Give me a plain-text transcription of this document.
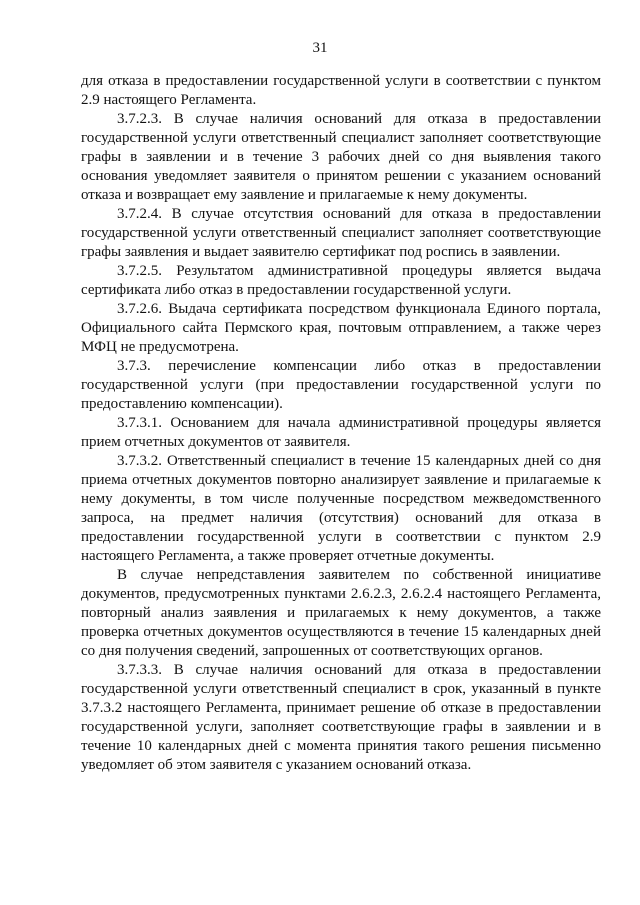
31

для отказа в предоставлении государственной услуги в соответствии с пунктом 2.9 настоящего Регламента.

3.7.2.3. В случае наличия оснований для отказа в предоставлении государственной услуги ответственный специалист заполняет соответствующие графы в заявлении и в течение 3 рабочих дней со дня выявления такого основания уведомляет заявителя о принятом решении с указанием оснований отказа и возвращает ему заявление и прилагаемые к нему документы.

3.7.2.4. В случае отсутствия оснований для отказа в предоставлении государственной услуги ответственный специалист заполняет соответствующие графы заявления и выдает заявителю сертификат под роспись в заявлении.

3.7.2.5. Результатом административной процедуры является выдача сертификата либо отказ в предоставлении государственной услуги.

3.7.2.6. Выдача сертификата посредством функционала Единого портала, Официального сайта Пермского края, почтовым отправлением, а также через МФЦ не предусмотрена.

3.7.3. перечисление компенсации либо отказ в предоставлении государственной услуги (при предоставлении государственной услуги по предоставлению компенсации).

3.7.3.1. Основанием для начала административной процедуры является прием отчетных документов от заявителя.

3.7.3.2. Ответственный специалист в течение 15 календарных дней со дня приема отчетных документов повторно анализирует заявление и прилагаемые к нему документы, в том числе полученные посредством межведомственного запроса, на предмет наличия (отсутствия) оснований для отказа в предоставлении государственной услуги в соответствии с пунктом 2.9 настоящего Регламента, а также проверяет отчетные документы.

В случае непредставления заявителем по собственной инициативе документов, предусмотренных пунктами 2.6.2.3, 2.6.2.4 настоящего Регламента, повторный анализ заявления и прилагаемых к нему документов, а также проверка отчетных документов осуществляются в течение 15 календарных дней со дня получения сведений, запрошенных от соответствующих органов.

3.7.3.3. В случае наличия оснований для отказа в предоставлении государственной услуги ответственный специалист в срок, указанный в пункте 3.7.3.2 настоящего Регламента, принимает решение об отказе в предоставлении государственной услуги, заполняет соответствующие графы в заявлении и в течение 10 календарных дней с момента принятия такого решения письменно уведомляет об этом заявителя с указанием оснований отказа.
